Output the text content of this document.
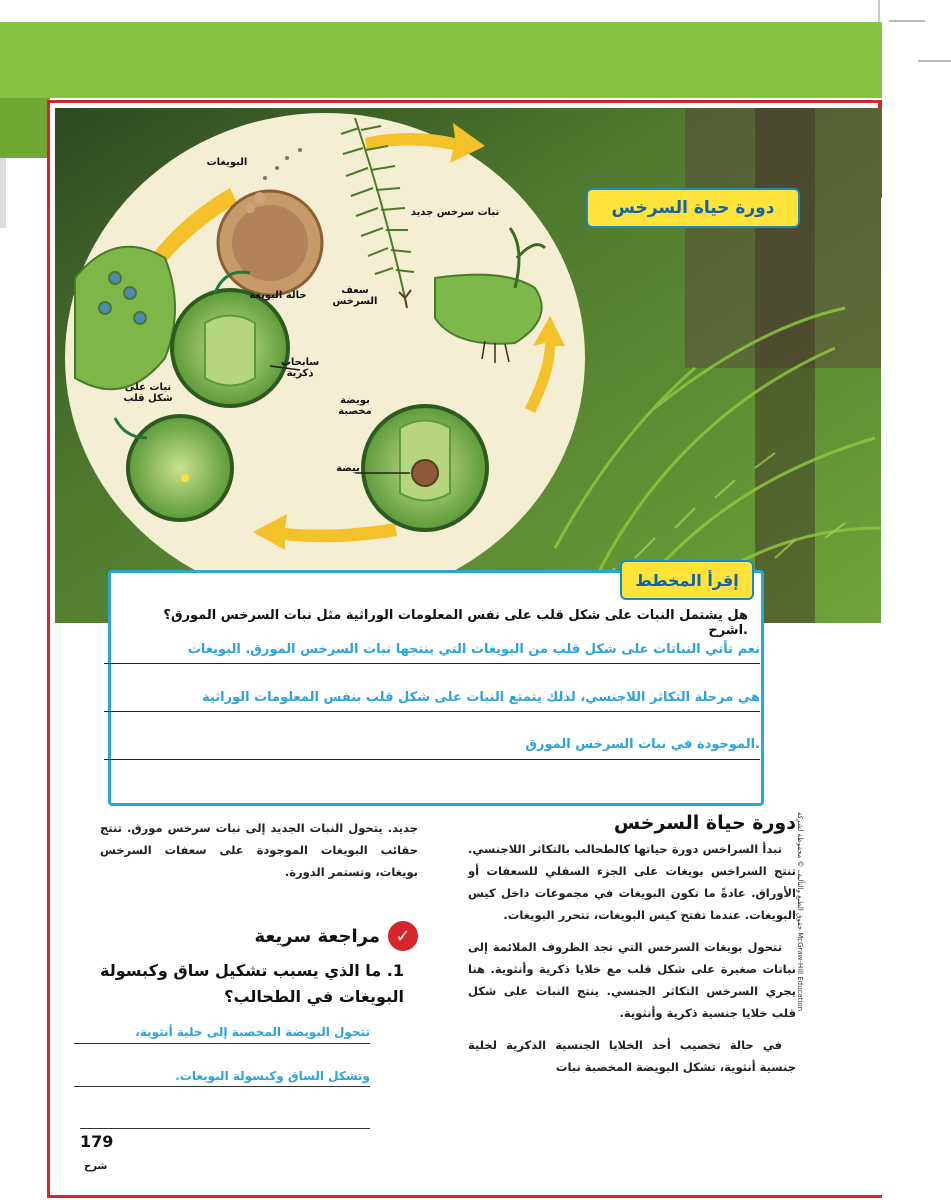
البويغات
حالة البويغة	سعف السرخس
نبات سرخس جديد
سابحات ذكرية
نبات على شكل قلب	بويضة مخصبة
بيضة
دورة حياة السرخس
إقرأ المخطط
هل يشتمل النبات على شكل قلب على نفس المعلومات الوراثية مثل نبات السرخس المورق؟ اشرح.
نعم تأتي النباتات على شكل قلب من البويغات التي ينتجها نبات السرخس المورق. البويغات
هي مرحلة التكاثر اللاجنسي، لذلك يتمتع النبات على شكل قلب بنفس المعلومات الوراثية
الموجودة في نبات السرخس المورق.
دورة حياة السرخس

تبدأ السراخس دورة حياتها كالطحالب بالتكاثر اللاجنسي. تنتج السراخس بويغات على الجزء السفلي للسعفات أو الأوراق. عادةً ما تكون البويغات في مجموعات داخل كيس البويغات. عندما تفتح كيس البويغات، تتحرر البويغات.

تتحول بويغات السرخس التي تجد الظروف الملائمة إلى نباتات صغيرة على شكل قلب مع خلايا ذكرية وأنثوية. هنا يجري السرخس التكاثر الجنسي. ينتج النبات على شكل قلب خلايا جنسية ذكرية وأنثوية.

في حالة تخصيب أحد الخلايا الجنسية الذكرية لخلية جنسية أنثوية، تشكل البويضة المخصبة نبات

حقوق الطبع والتأليف © محفوظة لشركة McGraw-Hill Education
جديد. يتحول النبات الجديد إلى نبات سرخس مورق. تنتج حقائب البويغات الموجودة على سعفات السرخس بويغات، وتستمر الدورة.
✓
مراجعة سريعة
1. ما الذي يسبب تشكيل ساق وكبسولة البويغات في الطحالب؟
تتحول البويضة المخصبة إلى خلية أنثوية،
وتشكل الساق وكبسولة البويغات.
179
شرح
